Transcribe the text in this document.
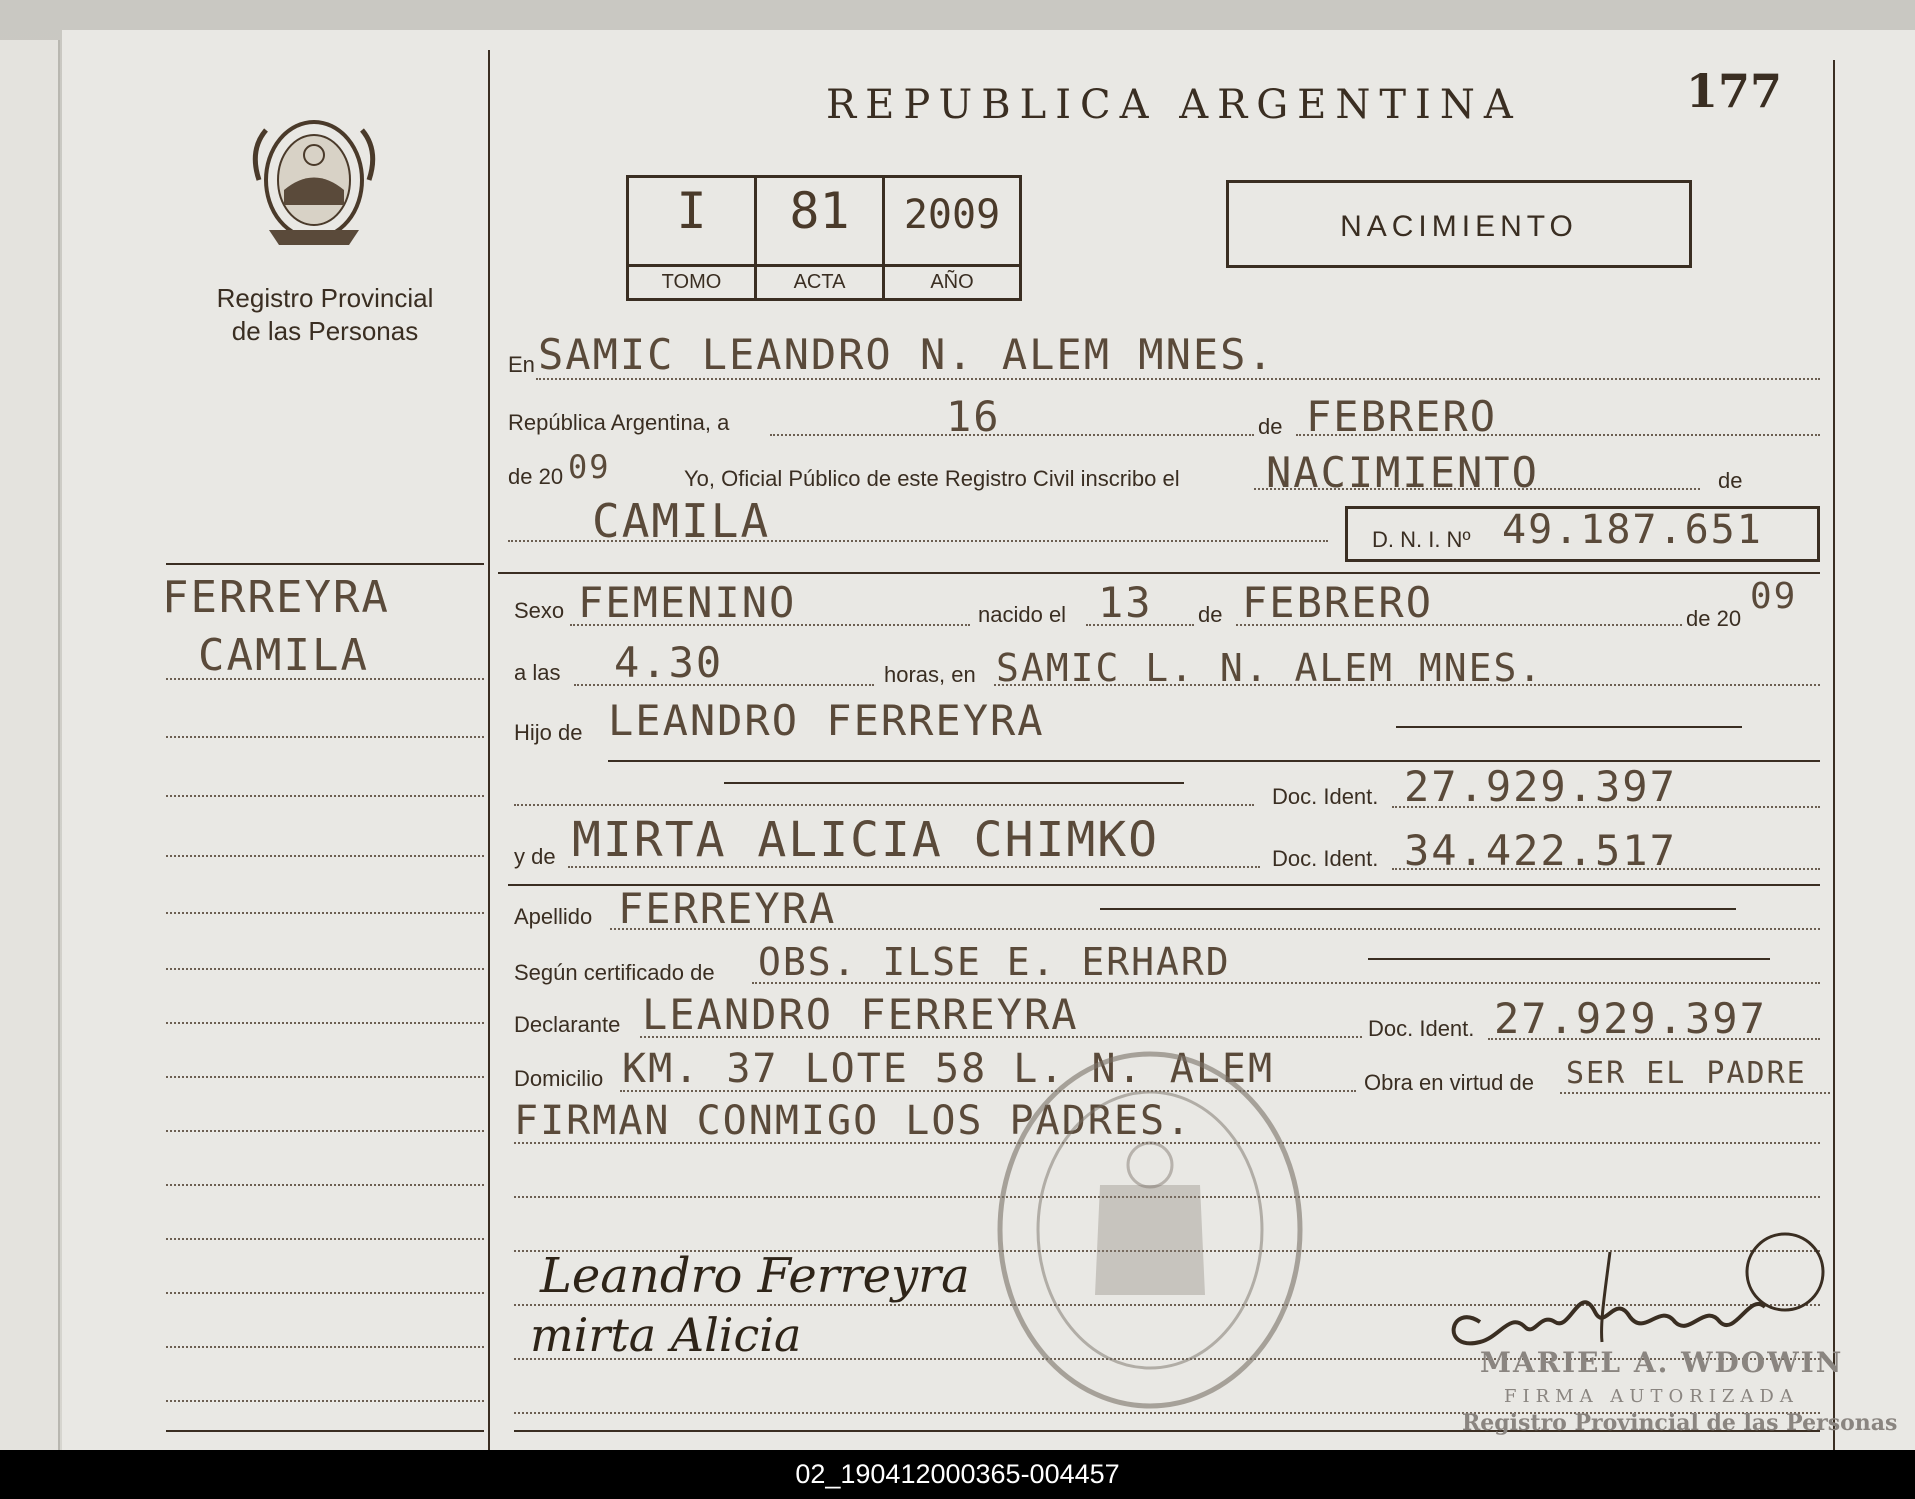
REPUBLICA ARGENTINA	177
NACIMIENTO
Registro Provincial
de las Personas
I
TOMO
81
ACTA
2009
AÑO
FERREYRA
CAMILA
En SAMIC LEANDRO N. ALEM MNES.
República Argentina, a	16	de FEBRERO
de 20 09	Yo, Oficial Público de este Registro Civil inscribo el NACIMIENTO	de
CAMILA	D. N. I. Nº 49.187.651
Sexo FEMENINO	nacido el 13 de FEBRERO	de 20
09
a las 4.30	horas, en SAMIC L. N. ALEM MNES.
Hijo de LEANDRO FERREYRA
Doc. Ident. 27.929.397
y de MIRTA ALICIA CHIMKO	Doc. Ident. 34.422.517
Apellido FERREYRA
Según certificado de OBS. ILSE E. ERHARD
Declarante LEANDRO FERREYRA	Doc. Ident. 27.929.397
Domicilio KM. 37 LOTE 58 L. N. ALEM	Obra en virtud de SER EL PADRE
FIRMAN CONMIGO LOS PADRES.
Leandro Ferreyra
mirta Alicia
MARIEL A. WDOWIN
FIRMA AUTORIZADA
Registro Provincial de las Personas
02_190412000365-004457
